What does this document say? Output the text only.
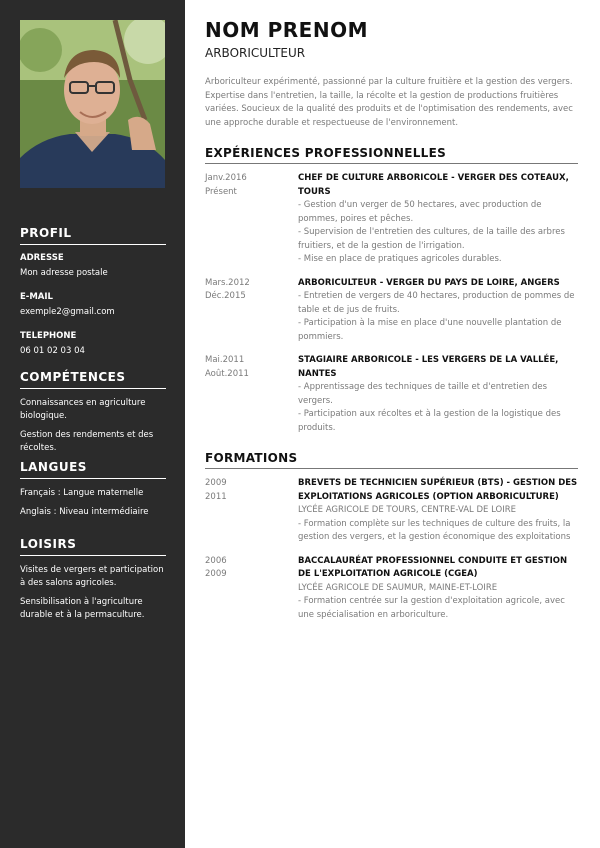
PROFIL
ADRESSE
Mon adresse postale
E-MAIL
exemple2@gmail.com
TELEPHONE
06 01 02 03 04
COMPÉTENCES
Connaissances en agriculture biologique.
Gestion des rendements et des récoltes.
LANGUES
Français : Langue maternelle
Anglais : Niveau intermédiaire
LOISIRS
Visites de vergers et participation à des salons agricoles.
Sensibilisation à l'agriculture durable et à la permaculture.
NOM PRENOM
ARBORICULTEUR
Arboriculteur expérimenté, passionné par la culture fruitière et la gestion des vergers. Expertise dans l'entretien, la taille, la récolte et la gestion de productions fruitières variées. Soucieux de la qualité des produits et de l'optimisation des rendements, avec une approche durable et respectueuse de l'environnement.
EXPÉRIENCES PROFESSIONNELLES
Janv.2016
Présent
CHEF DE CULTURE ARBORICOLE - VERGER DES COTEAUX, TOURS
- Gestion d'un verger de 50 hectares, avec production de pommes, poires et pêches.
- Supervision de l'entretien des cultures, de la taille des arbres fruitiers, et de la gestion de l'irrigation.
- Mise en place de pratiques agricoles durables.
Mars.2012
Déc.2015
ARBORICULTEUR - VERGER DU PAYS DE LOIRE, ANGERS
- Entretien de vergers de 40 hectares, production de pommes de table et de jus de fruits.
- Participation à la mise en place d'une nouvelle plantation de pommiers.
Mai.2011
Août.2011
STAGIAIRE ARBORICOLE - LES VERGERS DE LA VALLÉE, NANTES
- Apprentissage des techniques de taille et d'entretien des vergers.
- Participation aux récoltes et à la gestion de la logistique des produits.
FORMATIONS
2009
2011
BREVETS DE TECHNICIEN SUPÉRIEUR (BTS) - GESTION DES EXPLOITATIONS AGRICOLES (OPTION ARBORICULTURE)
LYCÉE AGRICOLE DE TOURS, CENTRE-VAL DE LOIRE
- Formation complète sur les techniques de culture des fruits, la gestion des vergers, et la gestion économique des exploitations
2006
2009
BACCALAURÉAT PROFESSIONNEL CONDUITE ET GESTION DE L'EXPLOITATION AGRICOLE (CGEA)
LYCÉE AGRICOLE DE SAUMUR, MAINE-ET-LOIRE
- Formation centrée sur la gestion d'exploitation agricole, avec une spécialisation en arboriculture.
